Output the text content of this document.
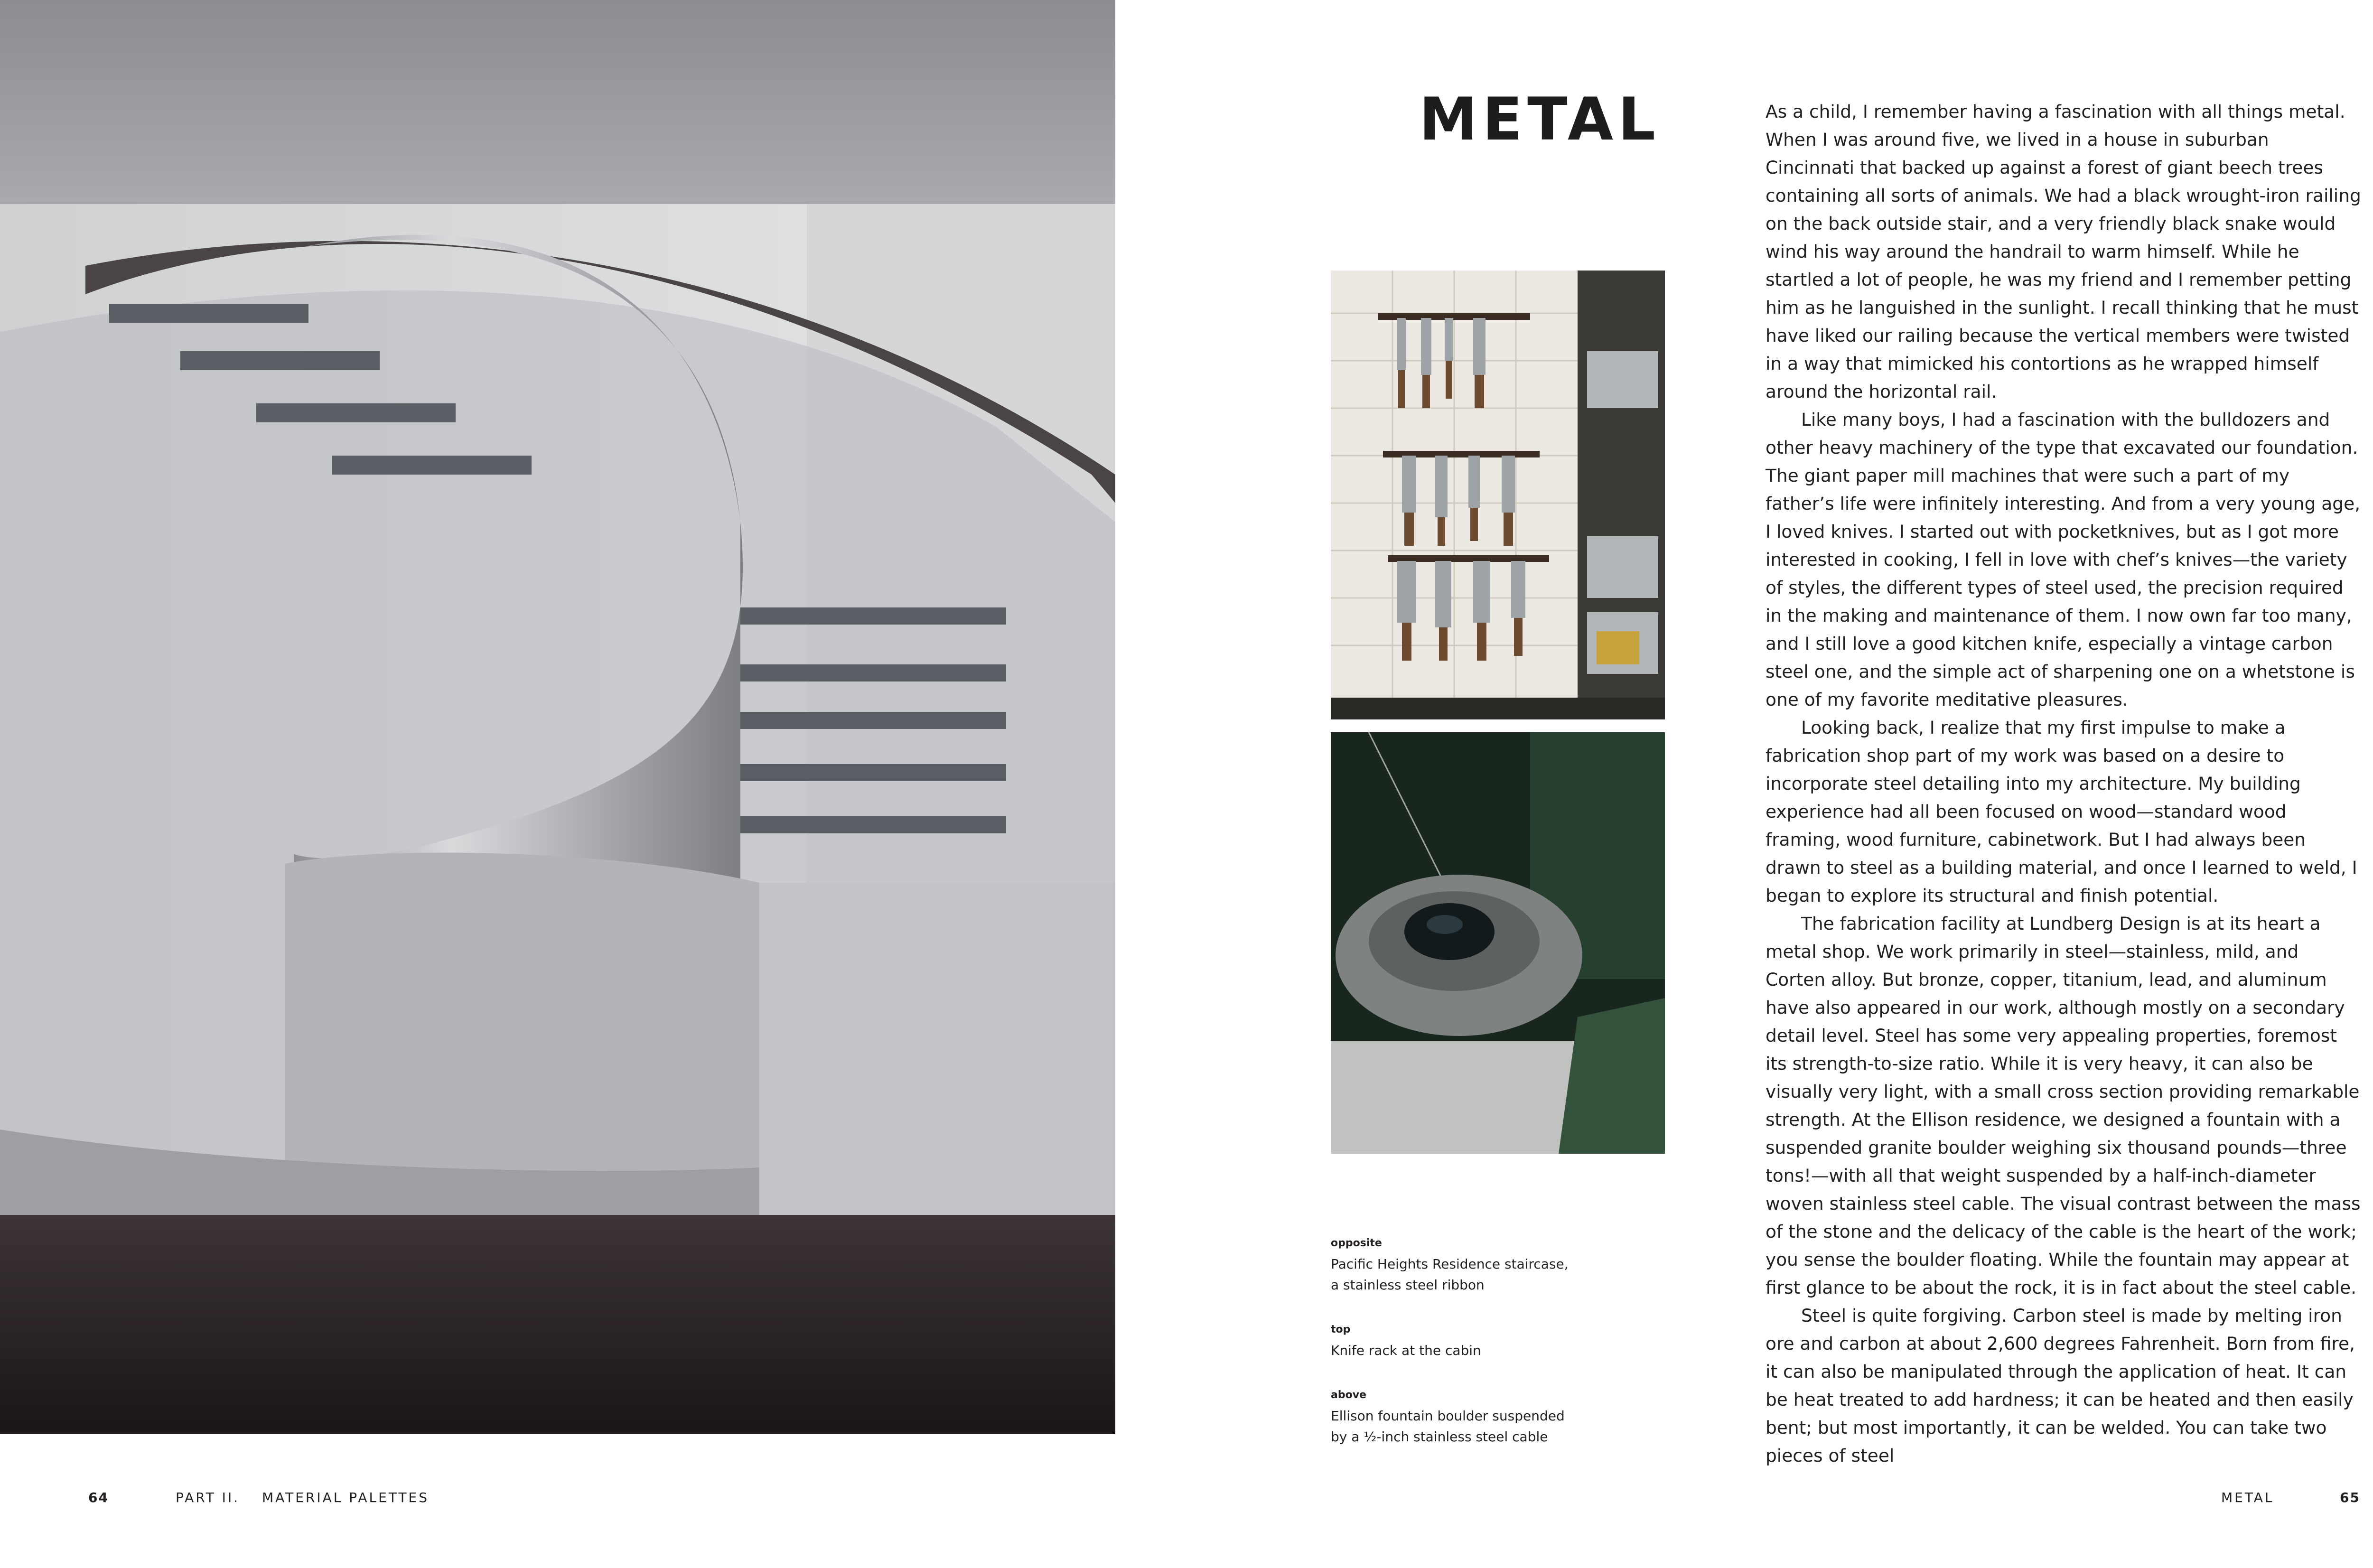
METAL
opposite
Pacific Heights Residence staircase,
a stainless steel ribbon
top
Knife rack at the cabin
above
Ellison fountain boulder suspended
by a ½-inch stainless steel cable

As a child, I remember having a fascination with all things metal. When I was around five, we lived in a house in suburban Cincinnati that backed up against a forest of giant beech trees containing all sorts of animals. We had a black wrought-iron railing on the back outside stair, and a very friendly black snake would wind his way around the handrail to warm himself. While he startled a lot of people, he was my friend and I remember petting him as he languished in the sunlight. I recall thinking that he must have liked our railing because the vertical members were twisted in a way that mimicked his contortions as he wrapped himself around the horizontal rail.

Like many boys, I had a fascination with the bulldozers and other heavy machinery of the type that excavated our foundation. The giant paper mill machines that were such a part of my father’s life were infinitely interesting. And from a very young age, I loved knives. I started out with pocketknives, but as I got more interested in cooking, I fell in love with chef’s knives—the variety of styles, the different types of steel used, the precision required in the making and maintenance of them. I now own far too many, and I still love a good kitchen knife, especially a vintage carbon steel one, and the simple act of sharpening one on a whetstone is one of my favorite meditative pleasures.

Looking back, I realize that my first impulse to make a fabrication shop part of my work was based on a desire to incorporate steel detailing into my architecture. My building experience had all been focused on wood—standard wood framing, wood furniture, cabinetwork. But I had always been drawn to steel as a building material, and once I learned to weld, I began to explore its structural and finish potential.

The fabrication facility at Lundberg Design is at its heart a metal shop. We work primarily in steel—stainless, mild, and Corten alloy. But bronze, copper, titanium, lead, and aluminum have also appeared in our work, although mostly on a secondary detail level. Steel has some very appealing properties, foremost its strength-to-size ratio. While it is very heavy, it can also be visually very light, with a small cross section providing remarkable strength. At the Ellison residence, we designed a fountain with a suspended granite boulder weighing six thousand pounds—three tons!—with all that weight suspended by a half-inch-diameter woven stainless steel cable. The visual contrast between the mass of the stone and the delicacy of the cable is the heart of the work; you sense the boulder floating. While the fountain may appear at first glance to be about the rock, it is in fact about the steel cable.

Steel is quite forgiving. Carbon steel is made by melting iron ore and carbon at about 2,600 degrees Fahrenheit. Born from fire, it can also be manipulated through the application of heat. It can be heat treated to add hardness; it can be heated and then easily bent; but most importantly, it can be welded. You can take two pieces of steel

64	PART II. MATERIAL PALETTES	METAL	65
